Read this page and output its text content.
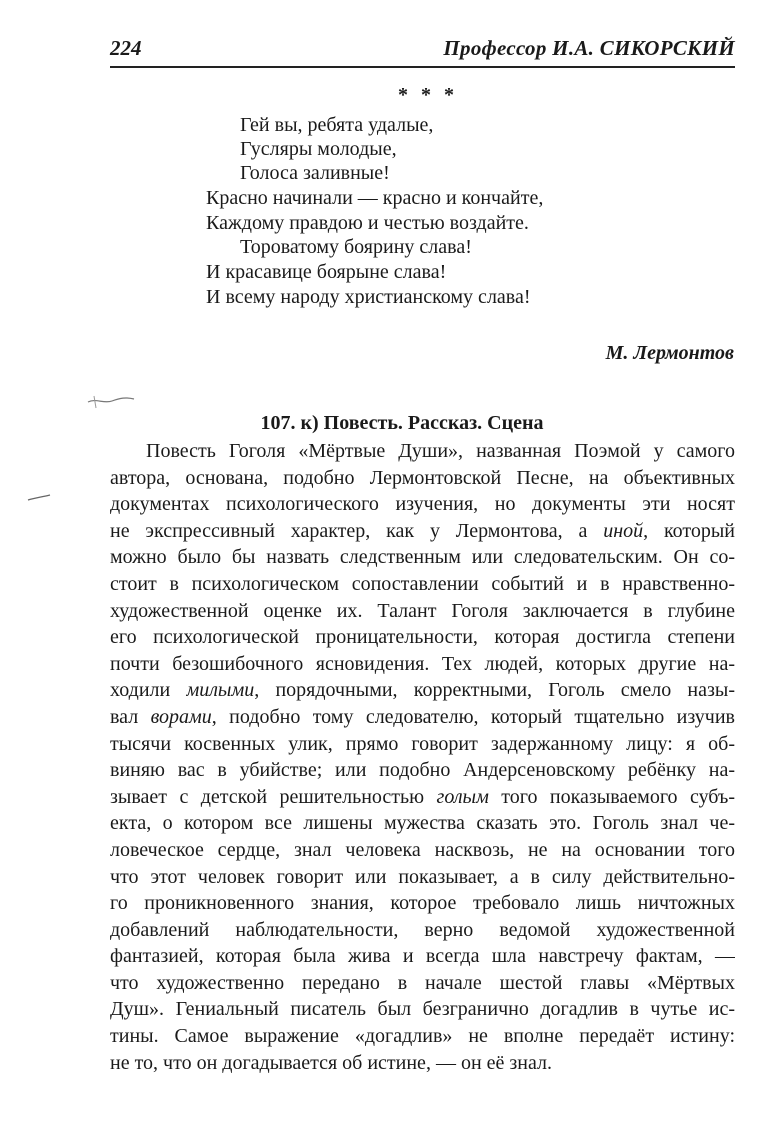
224	Профессор И.А. СИКОРСКИЙ
* * *
Гей вы, ребята удалые,
Гусляры молодые,
Голоса заливные!
Красно начинали — красно и кончайте,
Каждому правдою и честью воздайте.
Тороватому боярину слава!
И красавице боярыне слава!
И всему народу христианскому слава!
М. Лермонтов
107. к) Повесть. Рассказ. Сцена
Повесть Гоголя «Мёртвые Души», названная Поэмой у самого
автора, основана, подобно Лермонтовской Песне, на объективных
документах психологического изучения, но документы эти носят
не экспрессивный характер, как у Лермонтова, а иной, который
можно было бы назвать следственным или следовательским. Он со-
стоит в психологическом сопоставлении событий и в нравственно-
художественной оценке их. Талант Гоголя заключается в глубине
его психологической проницательности, которая достигла степени
почти безошибочного ясновидения. Тех людей, которых другие на-
ходили милыми, порядочными, корректными, Гоголь смело назы-
вал ворами, подобно тому следователю, который тщательно изучив
тысячи косвенных улик, прямо говорит задержанному лицу: я об-
виняю вас в убийстве; или подобно Андерсеновскому ребёнку на-
зывает с детской решительностью голым того показываемого субъ-
екта, о котором все лишены мужества сказать это. Гоголь знал че-
ловеческое сердце, знал человека насквозь, не на основании того
что этот человек говорит или показывает, а в силу действительно-
го проникновенного знания, которое требовало лишь ничтожных
добавлений наблюдательности, верно ведомой художественной
фантазией, которая была жива и всегда шла навстречу фактам, —
что художественно передано в начале шестой главы «Мёртвых
Душ». Гениальный писатель был безгранично догадлив в чутье ис-
тины. Самое выражение «догадлив» не вполне передаёт истину:
не то, что он догадывается об истине, — он её знал.
